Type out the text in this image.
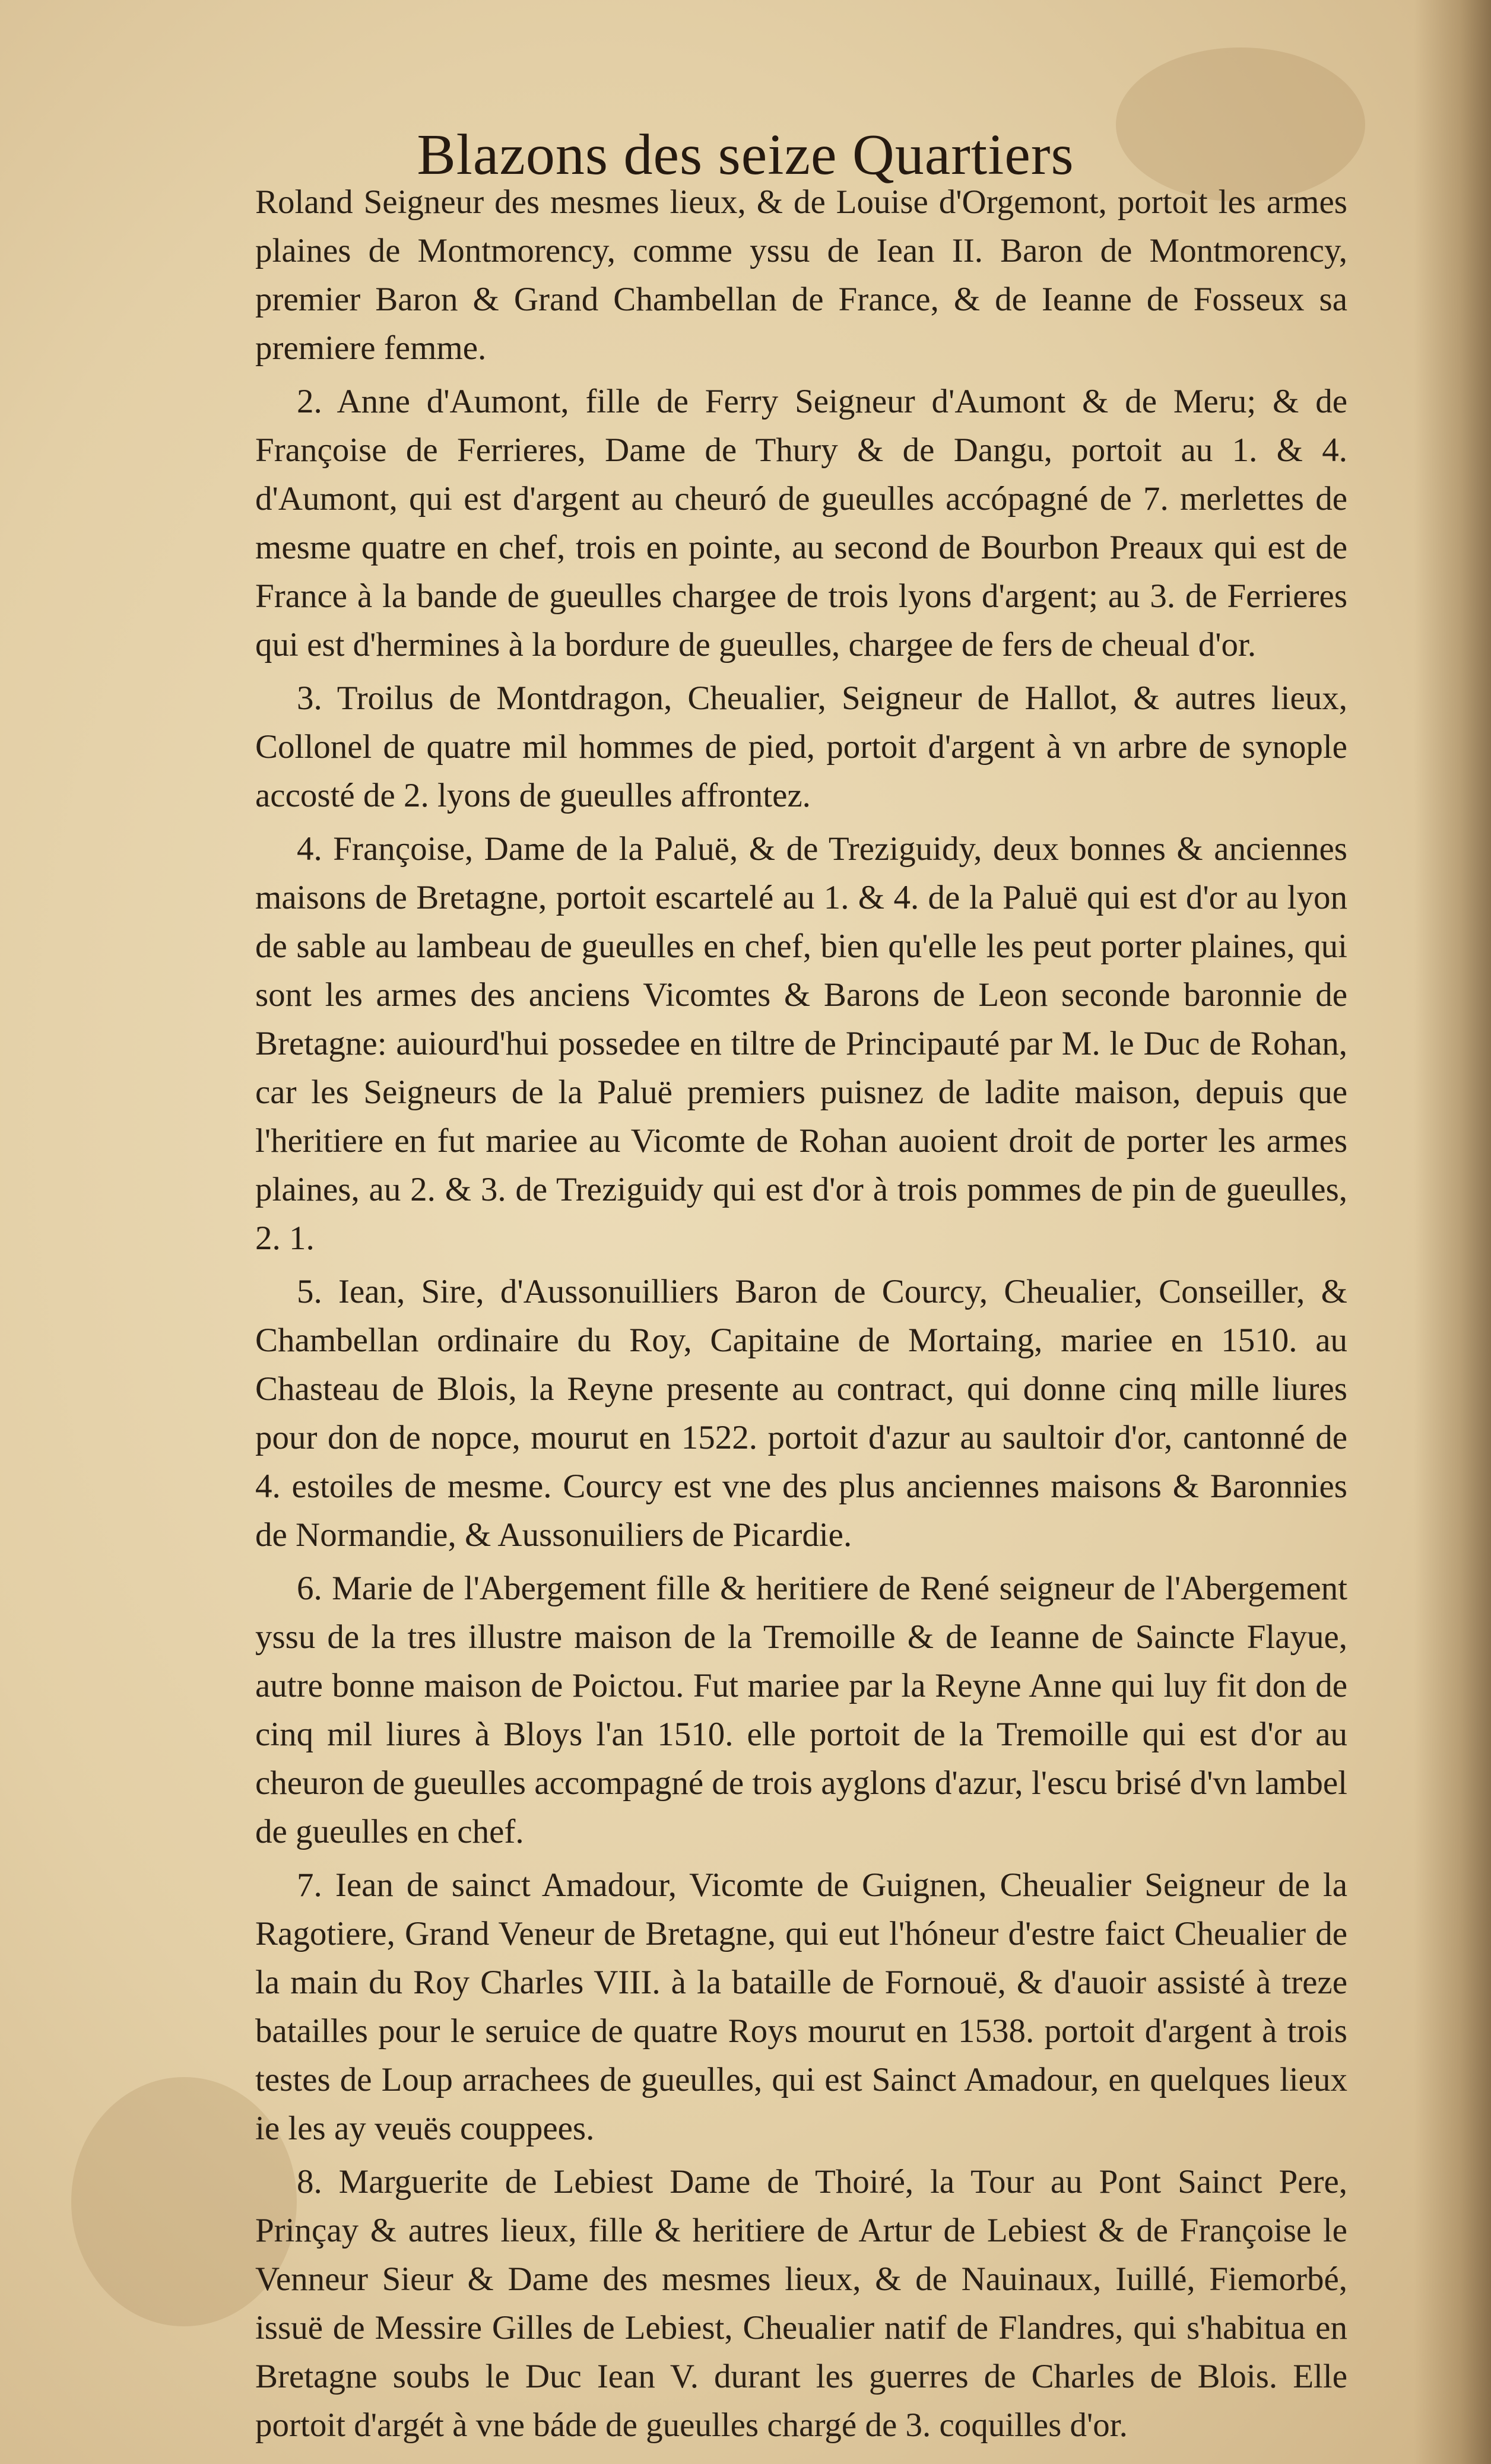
Blazons des seize Quartiers

Roland Seigneur des mesmes lieux, & de Louise d'Orgemont, portoit les armes plaines de Montmorency, comme yssu de Iean II. Baron de Montmorency, premier Baron & Grand Chambellan de France, & de Ieanne de Fosseux sa premiere femme.

2. Anne d'Aumont, fille de Ferry Seigneur d'Aumont & de Meru; & de Françoise de Ferrieres, Dame de Thury & de Dangu, portoit au 1. & 4. d'Aumont, qui est d'argent au cheuró de gueulles accópagné de 7. merlettes de mesme quatre en chef, trois en pointe, au second de Bourbon Preaux qui est de France à la bande de gueulles chargee de trois lyons d'argent; au 3. de Ferrieres qui est d'hermines à la bordure de gueulles, chargee de fers de cheual d'or.

3. Troilus de Montdragon, Cheualier, Seigneur de Hallot, & autres lieux, Collonel de quatre mil hommes de pied, portoit d'argent à vn arbre de synople accosté de 2. lyons de gueulles affrontez.

4. Françoise, Dame de la Paluë, & de Treziguidy, deux bonnes & anciennes maisons de Bretagne, portoit escartelé au 1. & 4. de la Paluë qui est d'or au lyon de sable au lambeau de gueulles en chef, bien qu'elle les peut porter plaines, qui sont les armes des anciens Vicomtes & Barons de Leon seconde baronnie de Bretagne: auiourd'hui possedee en tiltre de Principauté par M. le Duc de Rohan, car les Seigneurs de la Paluë premiers puisnez de ladite maison, depuis que l'heritiere en fut mariee au Vicomte de Rohan auoient droit de porter les armes plaines, au 2. & 3. de Treziguidy qui est d'or à trois pommes de pin de gueulles, 2. 1.

5. Iean, Sire, d'Aussonuilliers Baron de Courcy, Cheualier, Conseiller, & Chambellan ordinaire du Roy, Capitaine de Mortaing, mariee en 1510. au Chasteau de Blois, la Reyne presente au contract, qui donne cinq mille liures pour don de nopce, mourut en 1522. portoit d'azur au saultoir d'or, cantonné de 4. estoiles de mesme. Courcy est vne des plus anciennes maisons & Baronnies de Normandie, & Aussonuiliers de Picardie.

6. Marie de l'Abergement fille & heritiere de René seigneur de l'Abergement yssu de la tres illustre maison de la Tremoille & de Ieanne de Saincte Flayue, autre bonne maison de Poictou. Fut mariee par la Reyne Anne qui luy fit don de cinq mil liures à Bloys l'an 1510. elle portoit de la Tremoille qui est d'or au cheuron de gueulles accompagné de trois ayglons d'azur, l'escu brisé d'vn lambel de gueulles en chef.

7. Iean de sainct Amadour, Vicomte de Guignen, Cheualier Seigneur de la Ragotiere, Grand Veneur de Bretagne, qui eut l'hóneur d'estre faict Cheualier de la main du Roy Charles VIII. à la bataille de Fornouë, & d'auoir assisté à treze batailles pour le seruice de quatre Roys mourut en 1538. portoit d'argent à trois testes de Loup arrachees de gueulles, qui est Sainct Amadour, en quelques lieux ie les ay veuës couppees.

8. Marguerite de Lebiest Dame de Thoiré, la Tour au Pont Sainct Pere, Prinçay & autres lieux, fille & heritiere de Artur de Lebiest & de Françoise le Venneur Sieur & Dame des mesmes lieux, & de Nauinaux, Iuillé, Fiemorbé, issuë de Messire Gilles de Lebiest, Cheualier natif de Flandres, qui s'habitua en Bretagne soubs le Duc Iean V. durant les guerres de Charles de Blois. Elle portoit d'argét à vne báde de gueulles chargé de 3. coquilles d'or.
